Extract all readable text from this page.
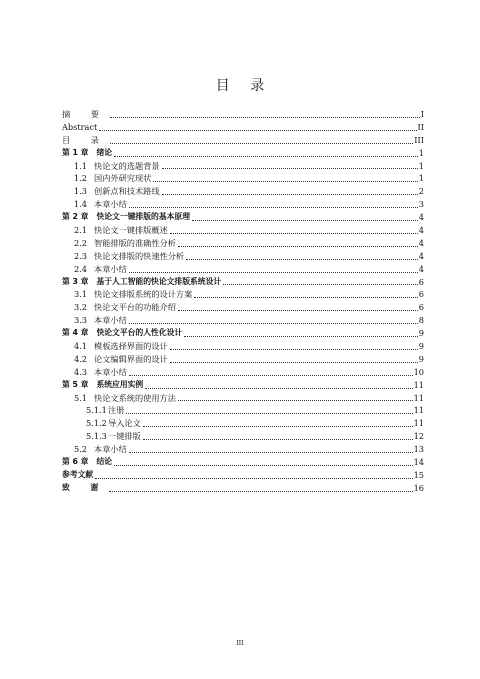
目 录
摘 要	I
Abstract	II
目 录	III
第 1 章 绪论	1
1.1 快论文的选题背景	1
1.2 国内外研究现状	1
1.3 创新点和技术路线	2
1.4 本章小结	3
第 2 章 快论文一键排版的基本原理	4
2.1 快论文一键排版概述	4
2.2 智能排版的准确性分析	4
2.3 快论文排版的快速性分析	4
2.4 本章小结	4
第 3 章 基于人工智能的快论文排版系统设计	6
3.1 快论文排版系统的设计方案	6
3.2 快论文平台的功能介绍	6
3.3 本章小结	8
第 4 章 快论文平台的人性化设计	9
4.1 模板选择界面的设计	9
4.2 论文编辑界面的设计	9
4.3 本章小结	10
第 5 章 系统应用实例	11
5.1 快论文系统的使用方法	11
5.1.1注册	11
5.1.2导入论文	11
5.1.3一键排版	12
5.2 本章小结	13
第 6 章 结论	14
参考文献	15
致 谢	16
III
